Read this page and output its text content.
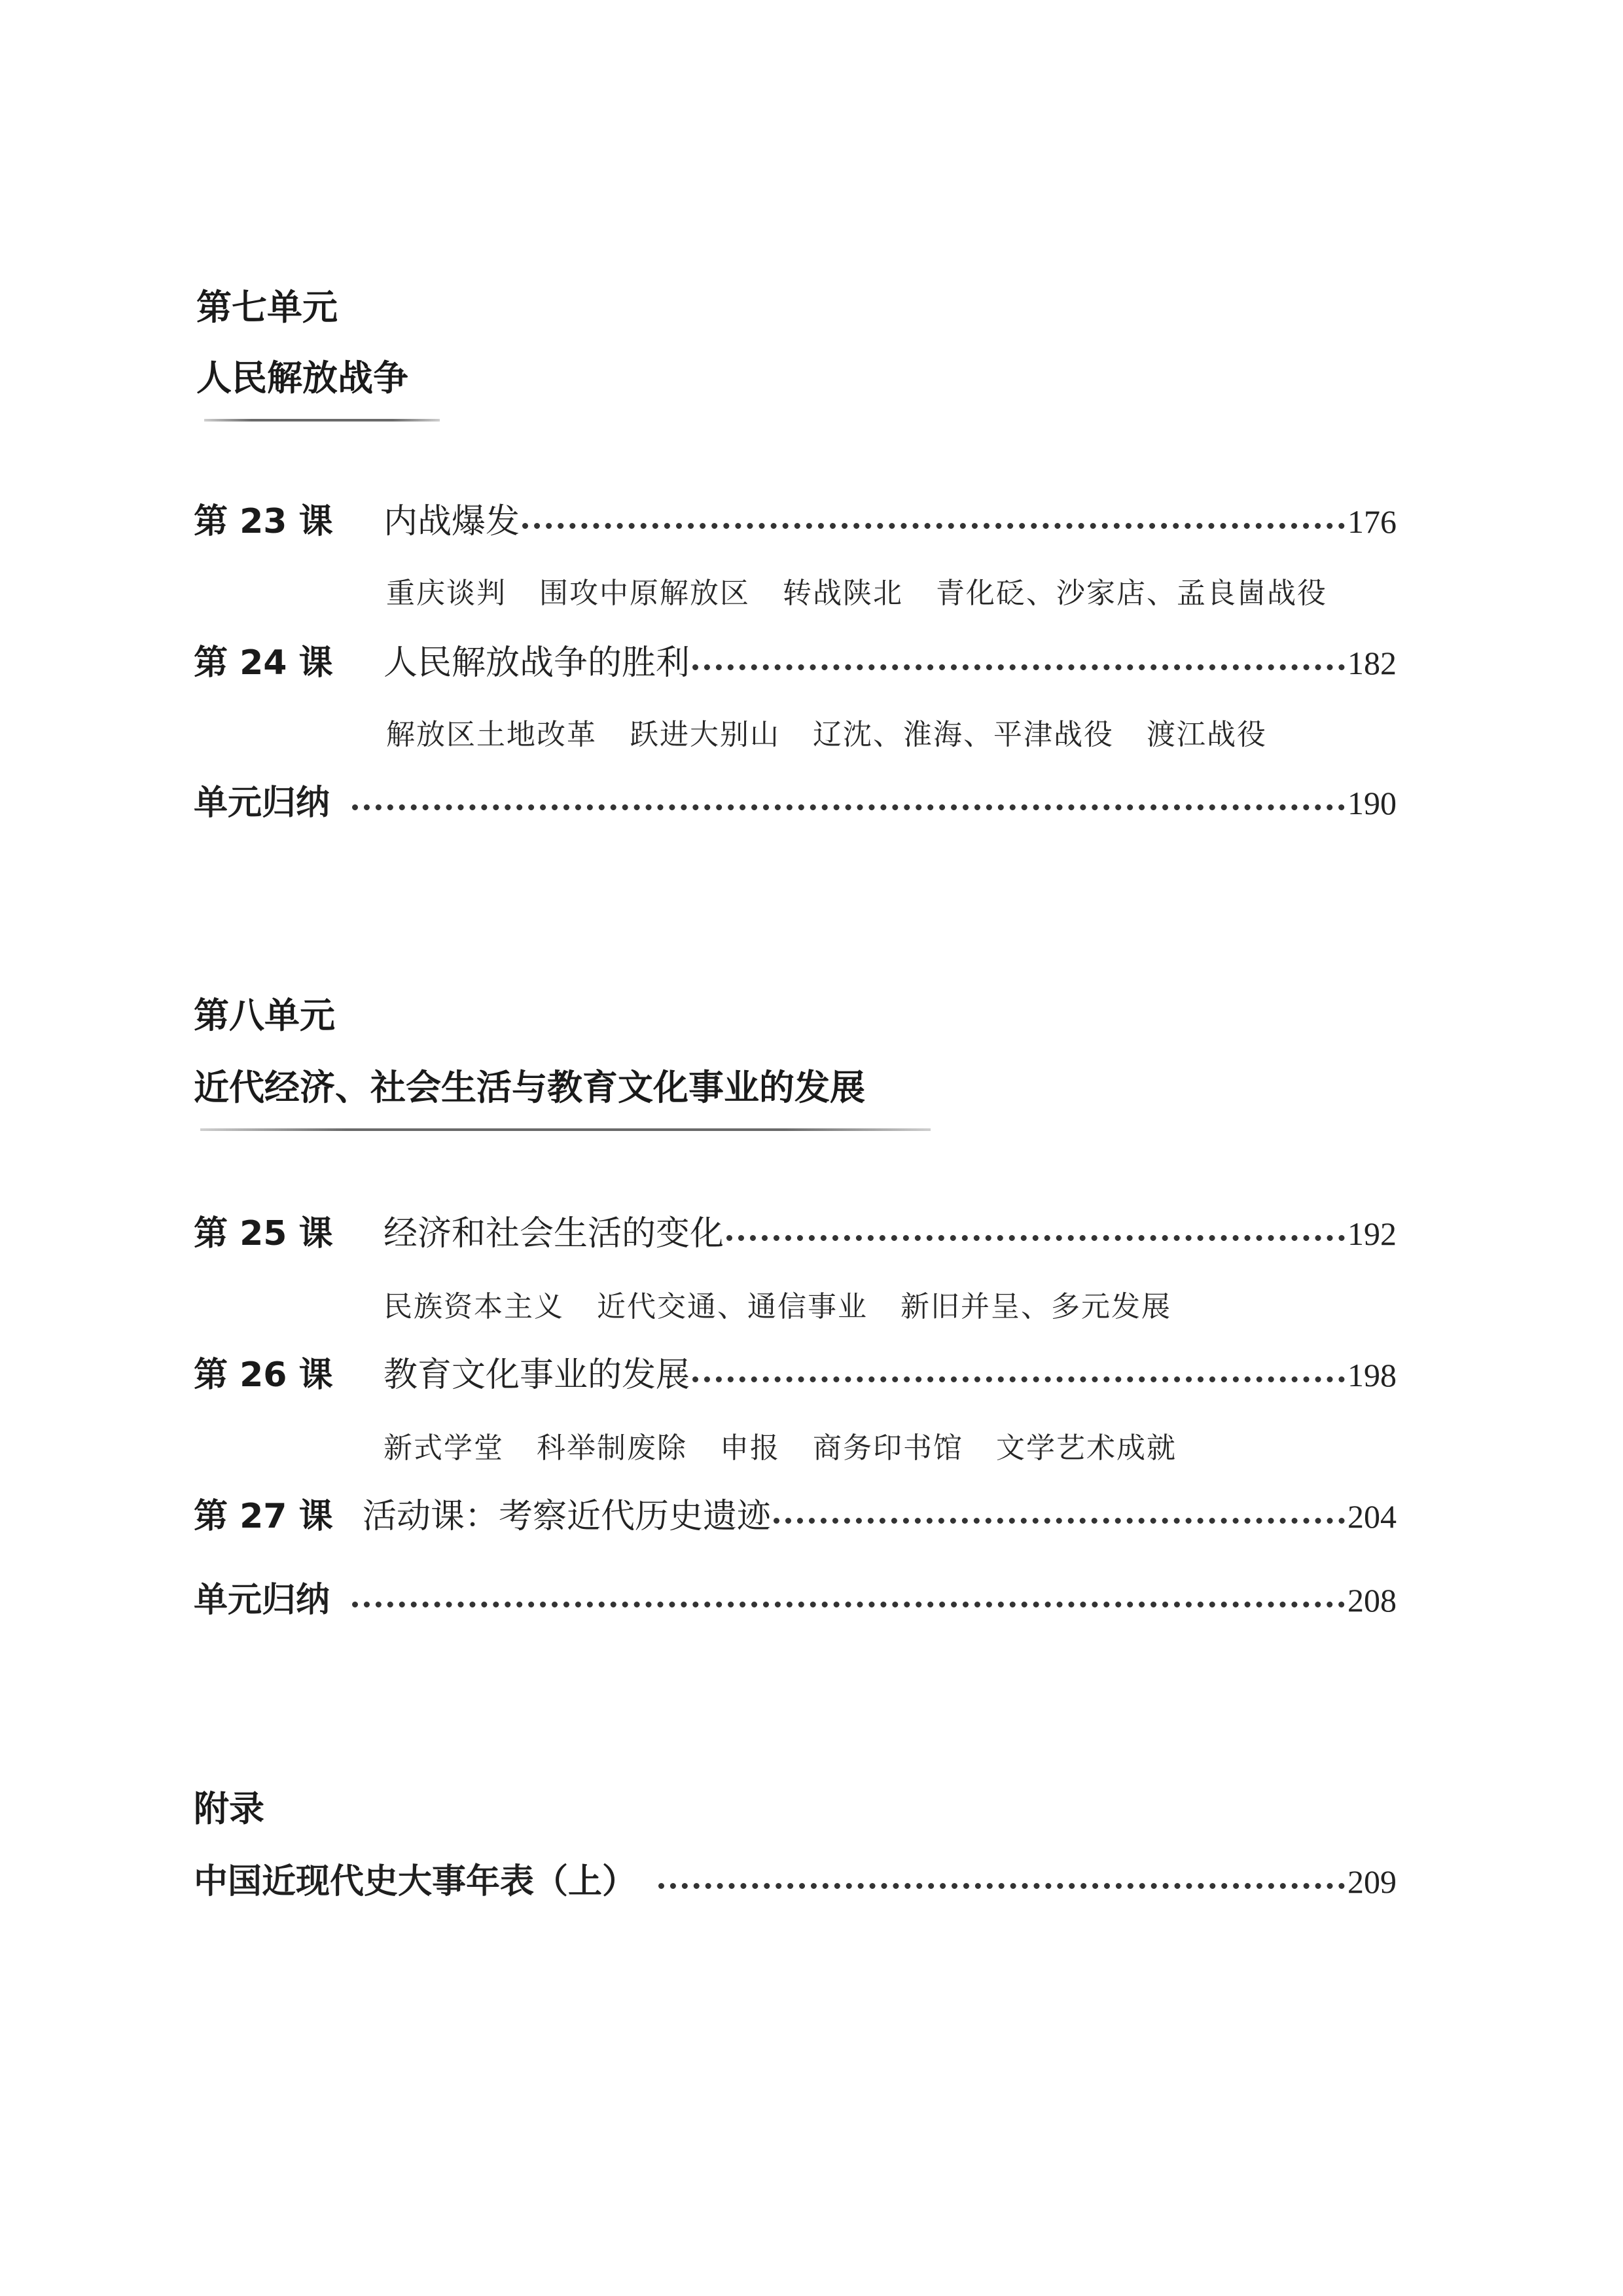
第七单元
人民解放战争
第 23 课	内战爆发	176
重庆谈判 围攻中原解放区 转战陕北 青化砭、沙家店、孟良崮战役
第 24 课	人民解放战争的胜利	182
解放区土地改革 跃进大别山 辽沈、淮海、平津战役 渡江战役
单元归纳	190
第八单元
近代经济、社会生活与教育文化事业的发展
第 25 课	经济和社会生活的变化	192
民族资本主义 近代交通、通信事业 新旧并呈、多元发展
第 26 课	教育文化事业的发展	198
新式学堂 科举制废除 申报 商务印书馆 文学艺术成就
第 27 课 活动课：考察近代历史遗迹	204
单元归纳	208
附录
中国近现代史大事年表（上）	209
